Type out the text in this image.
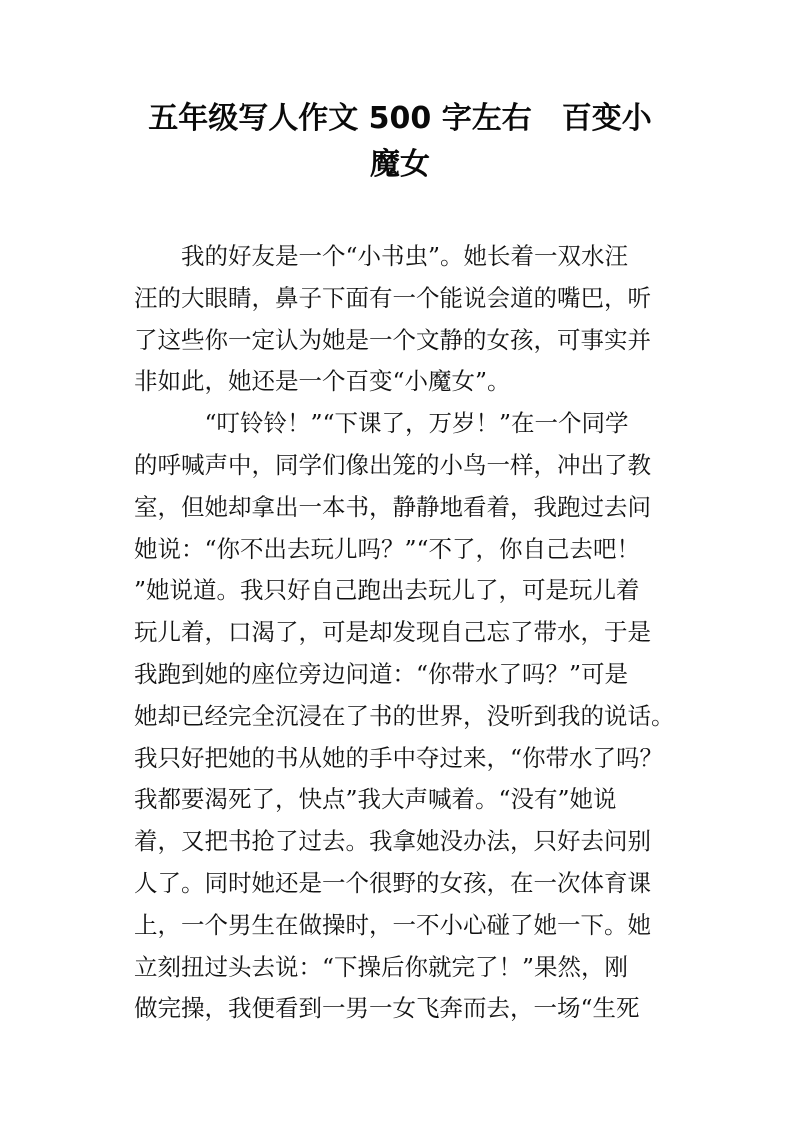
五年级写人作文 500 字左右　百变小
魔女
　　我的好友是一个“小书虫”。她长着一双水汪
汪的大眼睛，鼻子下面有一个能说会道的嘴巴，听
了这些你一定认为她是一个文静的女孩，可事实并
非如此，她还是一个百变“小魔女”。
　　　“叮铃铃！”“下课了，万岁！”在一个同学
的呼喊声中，同学们像出笼的小鸟一样，冲出了教
室，但她却拿出一本书，静静地看着，我跑过去问
她说：“你不出去玩儿吗？”“不了，你自己去吧！
”她说道。我只好自己跑出去玩儿了，可是玩儿着
玩儿着，口渴了，可是却发现自己忘了带水，于是
我跑到她的座位旁边问道：“你带水了吗？”可是
她却已经完全沉浸在了书的世界，没听到我的说话。
我只好把她的书从她的手中夺过来，“你带水了吗？
我都要渴死了，快点”我大声喊着。“没有”她说
着，又把书抢了过去。我拿她没办法，只好去问别
人了。同时她还是一个很野的女孩，在一次体育课
上，一个男生在做操时，一不小心碰了她一下。她
立刻扭过头去说：“下操后你就完了！”果然，刚
做完操，我便看到一男一女飞奔而去，一场“生死
